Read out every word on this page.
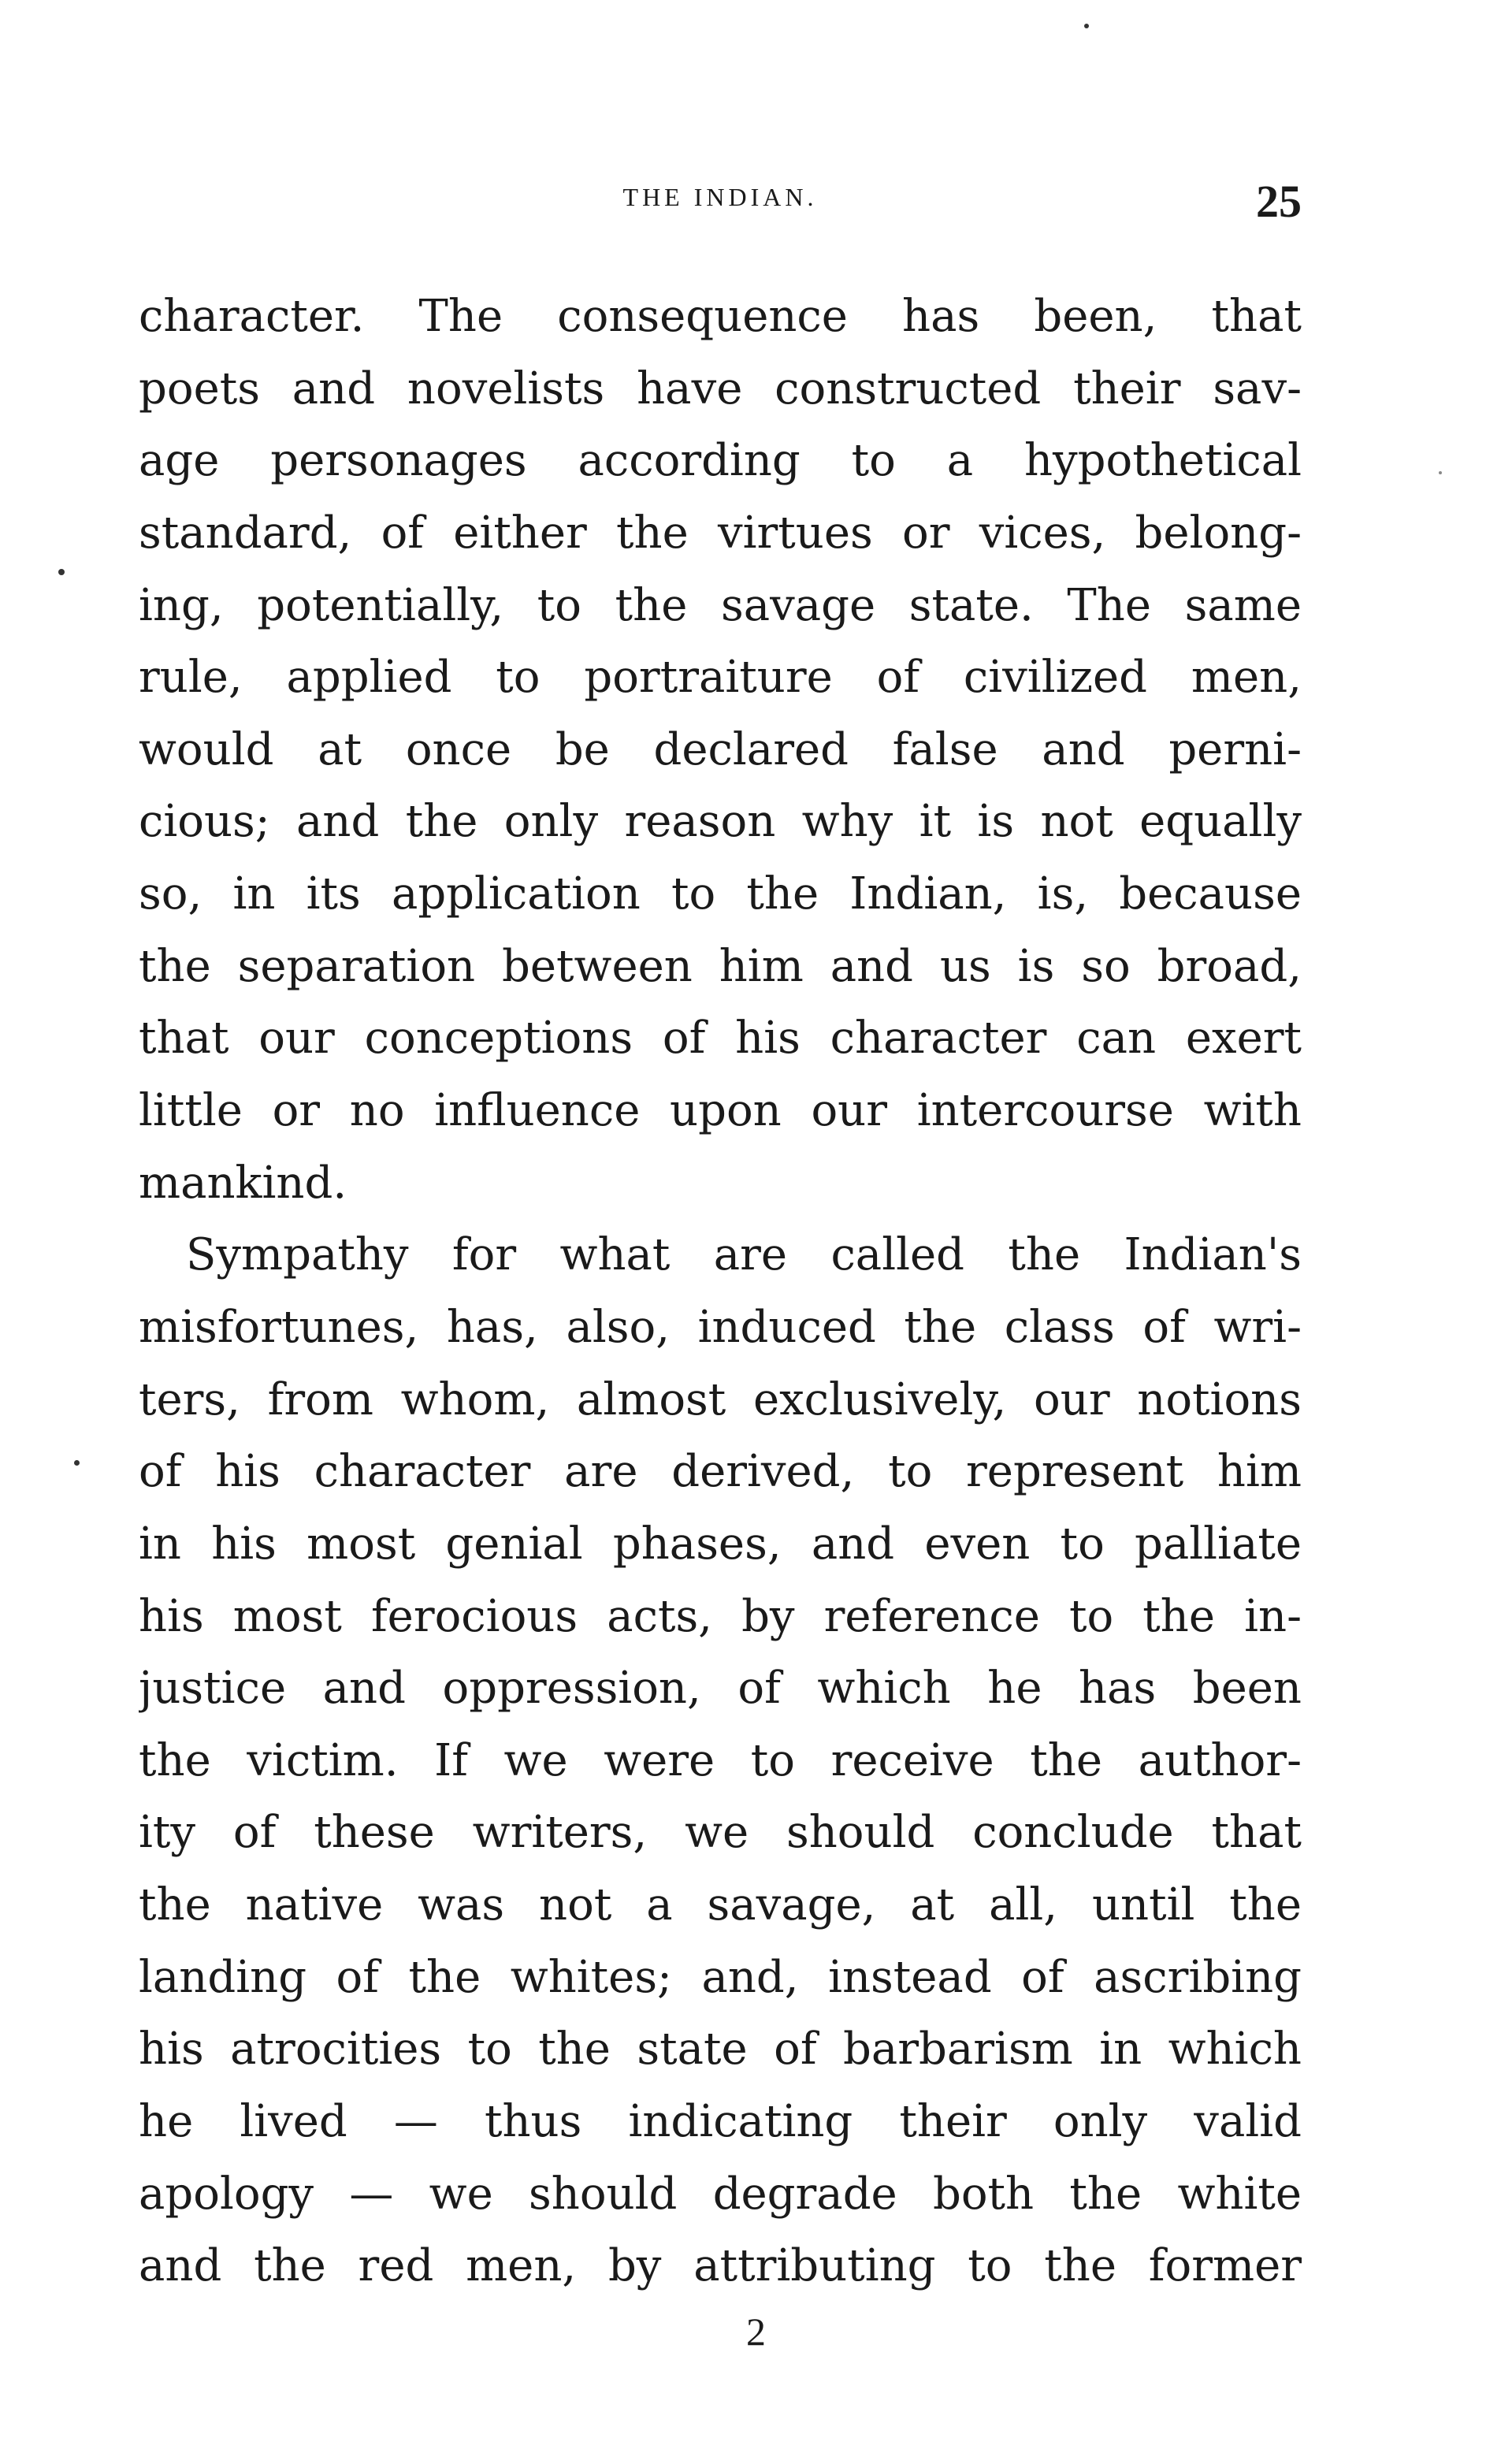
THE INDIAN.	25
character. The consequence has been, that
poets and novelists have constructed their sav-
age personages according to a hypothetical
standard, of either the virtues or vices, belong-
ing, potentially, to the savage state. The same
rule, applied to portraiture of civilized men,
would at once be declared false and perni-
cious; and the only reason why it is not equally
so, in its application to the Indian, is, because
the separation between him and us is so broad,
that our conceptions of his character can exert
little or no influence upon our intercourse with
mankind.
Sympathy for what are called the Indian's
misfortunes, has, also, induced the class of wri-
ters, from whom, almost exclusively, our notions
of his character are derived, to represent him
in his most genial phases, and even to palliate
his most ferocious acts, by reference to the in-
justice and oppression, of which he has been
the victim. If we were to receive the author-
ity of these writers, we should conclude that
the native was not a savage, at all, until the
landing of the whites; and, instead of ascribing
his atrocities to the state of barbarism in which
he lived — thus indicating their only valid
apology — we should degrade both the white
and the red men, by attributing to the former
2
